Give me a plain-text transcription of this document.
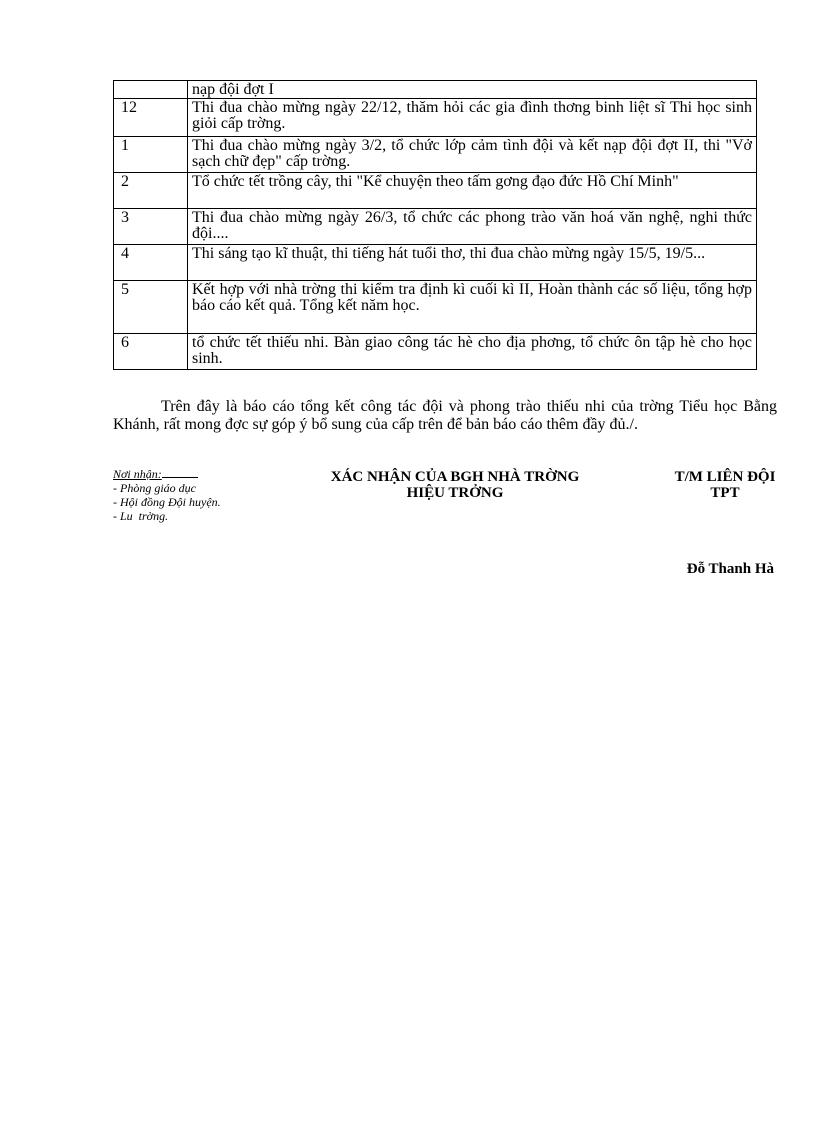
	nạp đội đợt I
12	Thi đua chào mừng ngày 22/12, thăm hỏi các gia đình thơng binh liệt sĩ Thi học sinh giỏi cấp trờng.
1	Thi đua chào mừng ngày 3/2, tổ chức lớp cảm tình đội và kết nạp đội đợt II, thi "Vở sạch chữ đẹp" cấp trờng.
2	Tổ chức tết trồng cây, thi "Kể chuyện theo tấm gơng đạo đức Hồ Chí Minh"
3	Thi đua chào mừng ngày 26/3, tổ chức các phong trào văn hoá văn nghệ, nghi thức đội....
4	Thi sáng tạo kĩ thuật, thi tiếng hát tuổi thơ, thi đua chào mừng ngày 15/5, 19/5...
5	Kết hợp với nhà trờng thi kiểm tra định kì cuối kì II, Hoàn thành các số liệu, tổng hợp báo cáo kết quả. Tổng kết năm học.
6	tổ chức tết thiếu nhi. Bàn giao công tác hè cho địa phơng, tổ chức ôn tập hè cho học sinh.

Trên đây là báo cáo tổng kết công tác đội và phong trào thiếu nhi của trờng Tiểu học Bằng Khánh, rất mong đợc sự góp ý bổ sung của cấp trên để bản báo cáo thêm đầy đủ./.

Nơi nhận:
- Phòng giáo dục
- Hội đồng Đội huyện.
- Lu  trờng.
XÁC NHẬN CỦA BGH NHÀ TRỜNG
HIỆU TRỞNG
T/M LIÊN ĐỘI
TPT
Đỗ Thanh Hà
